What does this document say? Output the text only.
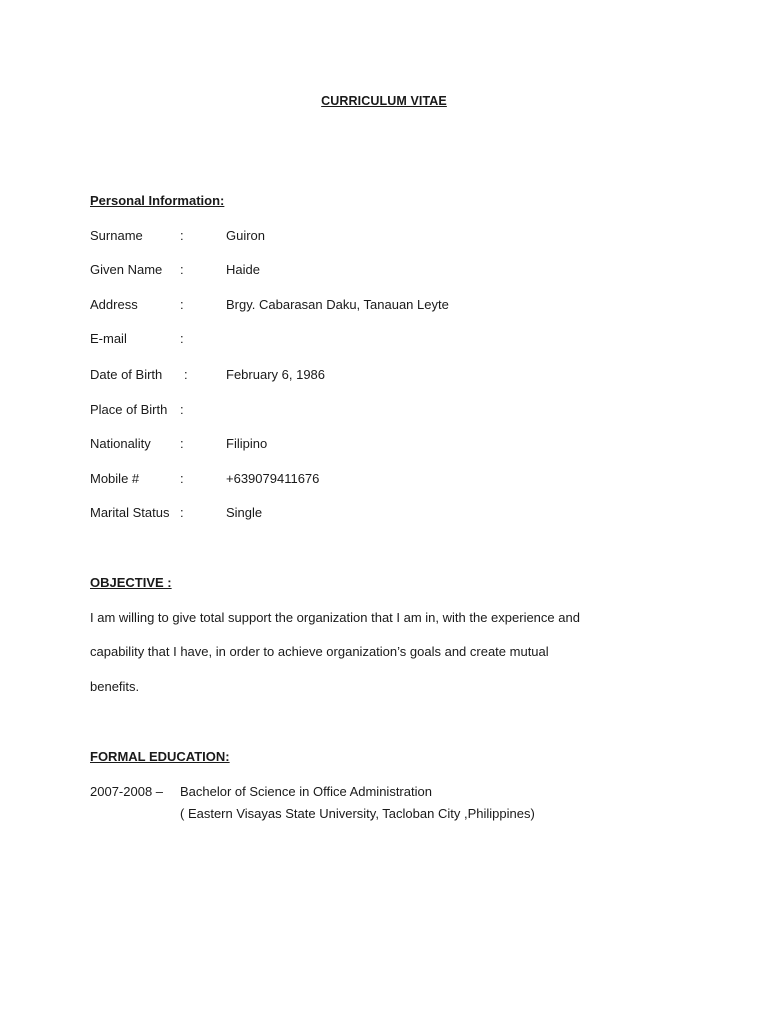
CURRICULUM VITAE
Personal Information:
Surname	:	Guiron
Given Name :	Haide
Address	:	Brgy. Cabarasan Daku, Tanauan Leyte
E-mail	:
Date of Birth :	February 6, 1986
Place of Birth :
Nationality :	Filipino
Mobile #	:	+639079411676
Marital Status :	Single
OBJECTIVE :
I am willing to give total support the organization that I am in, with the experience and
capability that I have, in order to achieve organization’s goals and create mutual
benefits.
FORMAL EDUCATION:
2007-2008 – Bachelor of Science in Office Administration
( Eastern Visayas State University, Tacloban City ,Philippines)
